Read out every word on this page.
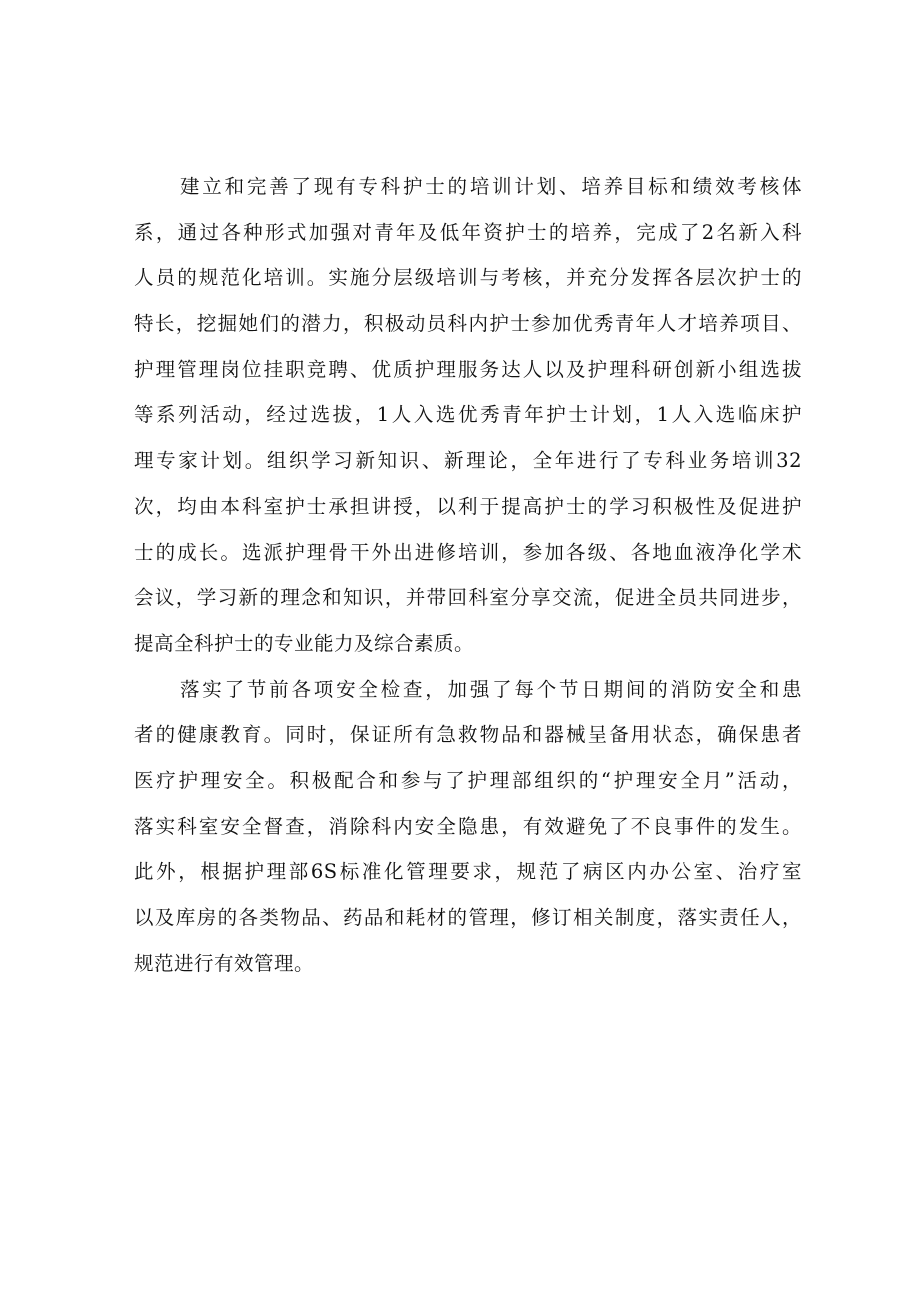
建立和完善了现有专科护士的培训计划、培养目标和绩效考核体
系，通过各种形式加强对青年及低年资护士的培养，完成了2名新入科
人员的规范化培训。实施分层级培训与考核，并充分发挥各层次护士的
特长，挖掘她们的潜力，积极动员科内护士参加优秀青年人才培养项目、
护理管理岗位挂职竞聘、优质护理服务达人以及护理科研创新小组选拔
等系列活动，经过选拔，1人入选优秀青年护士计划，1人入选临床护
理专家计划。组织学习新知识、新理论，全年进行了专科业务培训32
次，均由本科室护士承担讲授，以利于提高护士的学习积极性及促进护
士的成长。选派护理骨干外出进修培训，参加各级、各地血液净化学术
会议，学习新的理念和知识，并带回科室分享交流，促进全员共同进步，
提高全科护士的专业能力及综合素质。
落实了节前各项安全检查，加强了每个节日期间的消防安全和患
者的健康教育。同时，保证所有急救物品和器械呈备用状态，确保患者
医疗护理安全。积极配合和参与了护理部组织的“护理安全月”活动，
落实科室安全督查，消除科内安全隐患，有效避免了不良事件的发生。
此外，根据护理部6S标准化管理要求，规范了病区内办公室、治疗室
以及库房的各类物品、药品和耗材的管理，修订相关制度，落实责任人，
规范进行有效管理。
